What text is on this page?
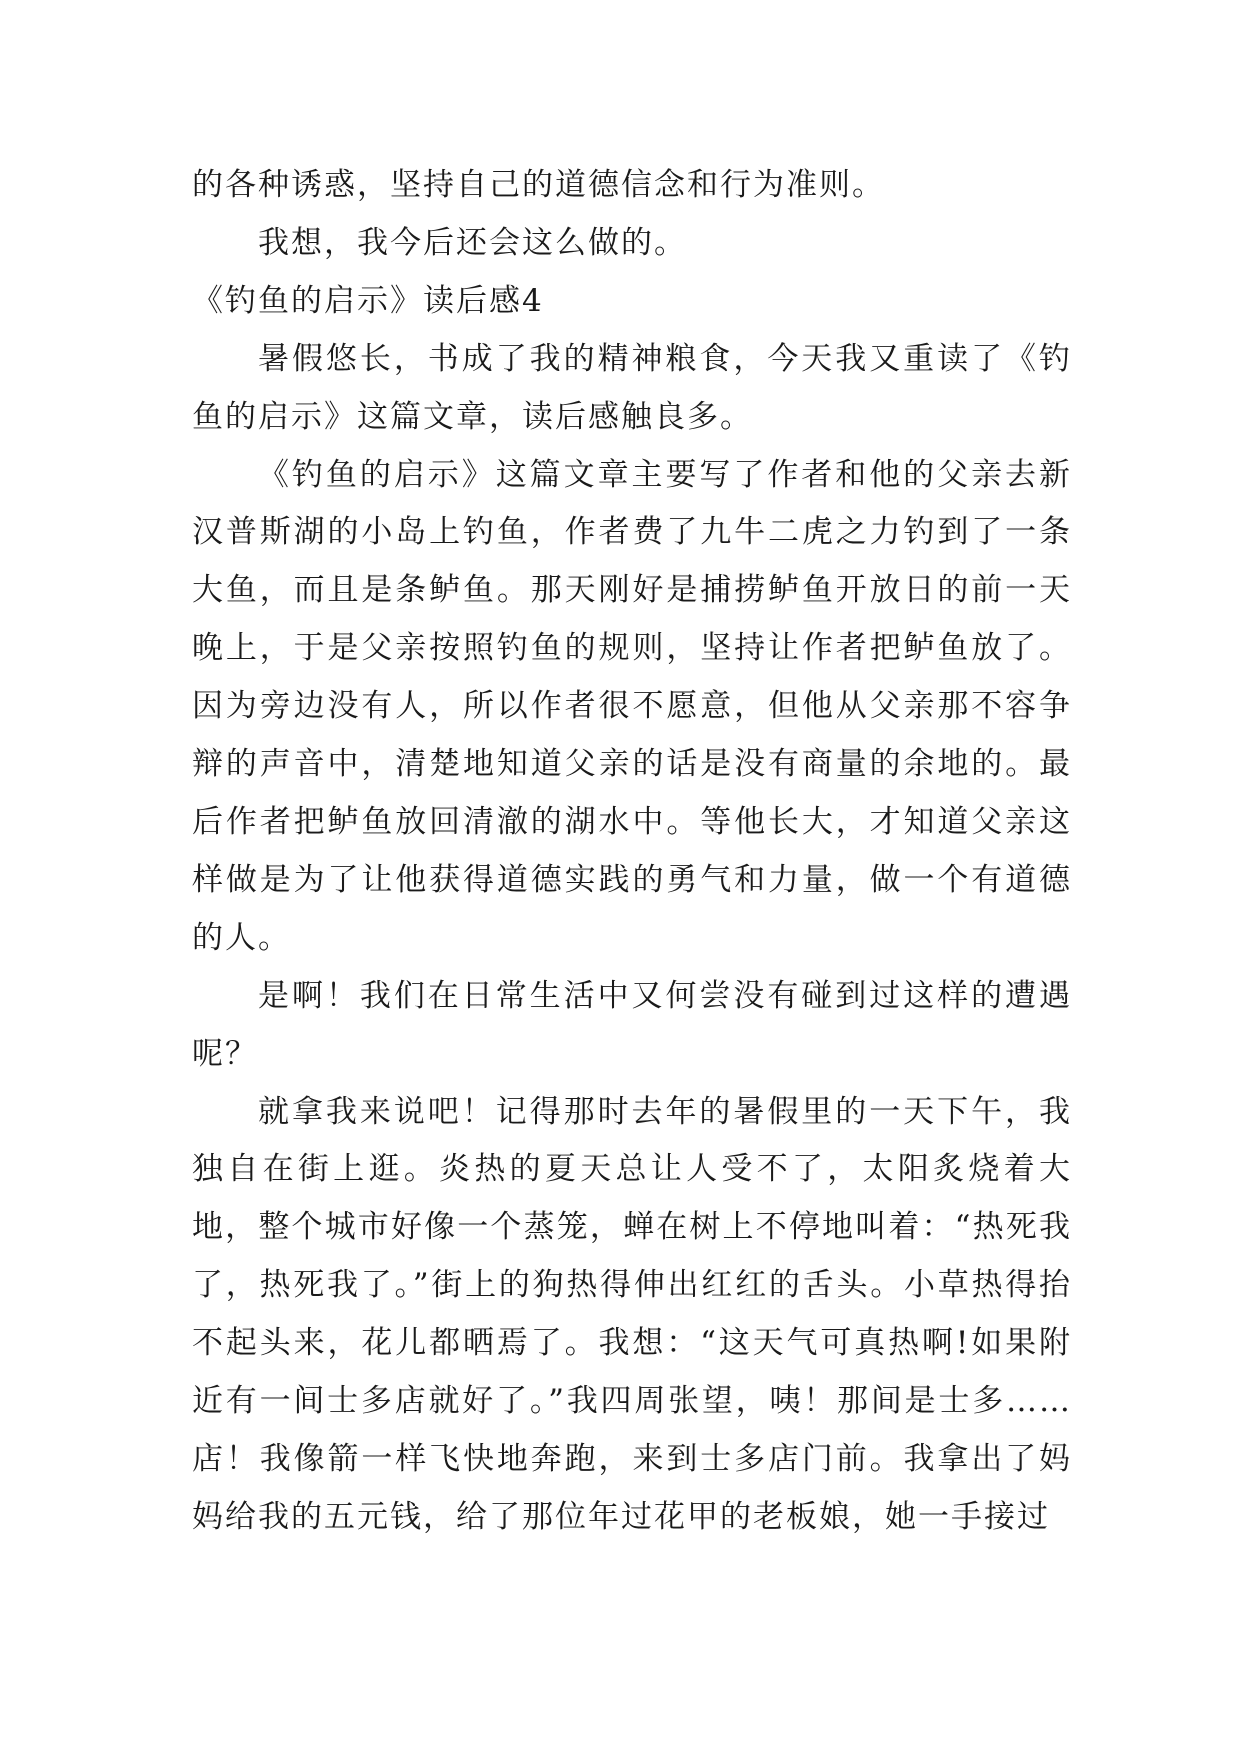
的各种诱惑，坚持自己的道德信念和行为准则。

我想，我今后还会这么做的。

《钓鱼的启示》读后感4

暑假悠长，书成了我的精神粮食，今天我又重读了《钓鱼的启示》这篇文章，读后感触良多。

《钓鱼的启示》这篇文章主要写了作者和他的父亲去新汉普斯湖的小岛上钓鱼，作者费了九牛二虎之力钓到了一条大鱼，而且是条鲈鱼。那天刚好是捕捞鲈鱼开放日的前一天晚上，于是父亲按照钓鱼的规则，坚持让作者把鲈鱼放了。因为旁边没有人，所以作者很不愿意，但他从父亲那不容争辩的声音中，清楚地知道父亲的话是没有商量的余地的。最后作者把鲈鱼放回清澈的湖水中。等他长大，才知道父亲这样做是为了让他获得道德实践的勇气和力量，做一个有道德的人。

是啊！我们在日常生活中又何尝没有碰到过这样的遭遇呢？

就拿我来说吧！记得那时去年的暑假里的一天下午，我独自在街上逛。炎热的夏天总让人受不了，太阳炙烧着大地，整个城市好像一个蒸笼，蝉在树上不停地叫着：“热死我了，热死我了。”街上的狗热得伸出红红的舌头。小草热得抬不起头来，花儿都晒焉了。我想：“这天气可真热啊!如果附近有一间士多店就好了。”我四周张望，咦！那间是士多……店！我像箭一样飞快地奔跑，来到士多店门前。我拿出了妈妈给我的五元钱，给了那位年过花甲的老板娘，她一手接过
